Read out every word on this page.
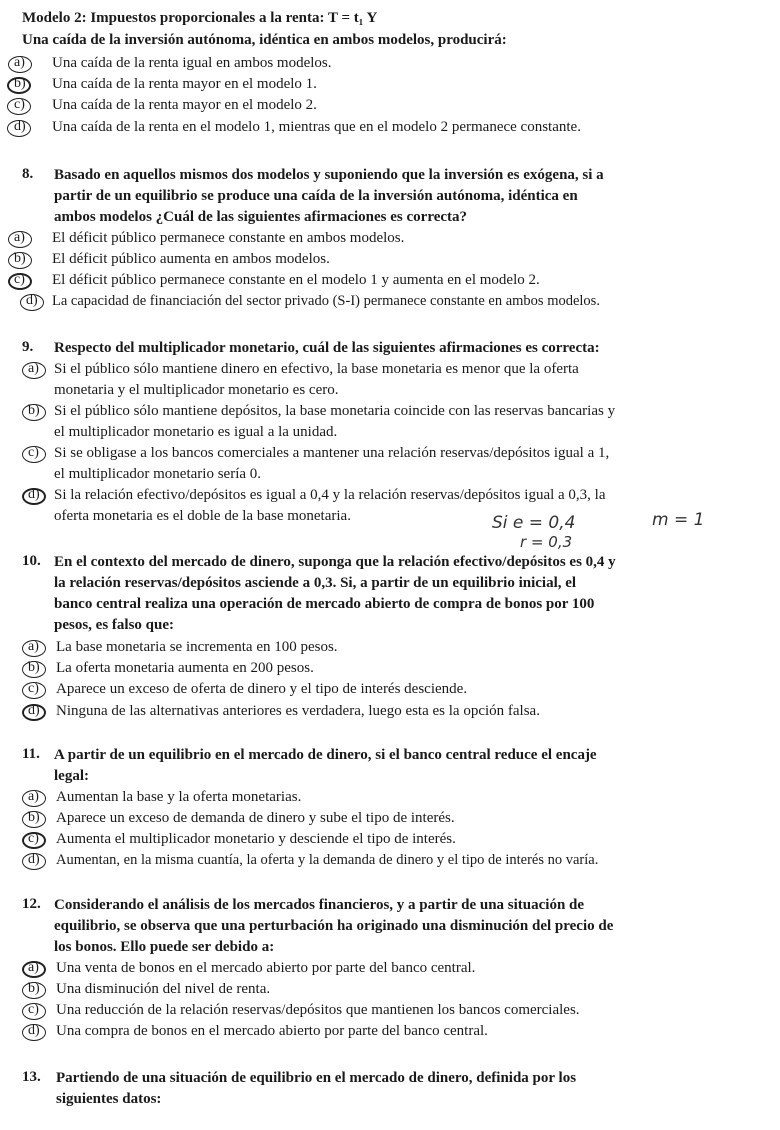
Modelo 2: Impuestos proporcionales a la renta: T = t₁ Y
Una caída de la inversión autónoma, idéntica en ambos modelos, producirá:
a) Una caída de la renta igual en ambos modelos.
b) Una caída de la renta mayor en el modelo 1.
c) Una caída de la renta mayor en el modelo 2.
d) Una caída de la renta en el modelo 1, mientras que en el modelo 2 permanece constante.
8. Basado en aquellos mismos dos modelos y suponiendo que la inversión es exógena, si a
partir de un equilibrio se produce una caída de la inversión autónoma, idéntica en
ambos modelos ¿Cuál de las siguientes afirmaciones es correcta?
a) El déficit público permanece constante en ambos modelos.
b) El déficit público aumenta en ambos modelos.
c) El déficit público permanece constante en el modelo 1 y aumenta en el modelo 2.
d) La capacidad de financiación del sector privado (S-I) permanece constante en ambos modelos.
9. Respecto del multiplicador monetario, cuál de las siguientes afirmaciones es correcta:
a) Si el público sólo mantiene dinero en efectivo, la base monetaria es menor que la oferta
monetaria y el multiplicador monetario es cero.
b) Si el público sólo mantiene depósitos, la base monetaria coincide con las reservas bancarias y
el multiplicador monetario es igual a la unidad.
c) Si se obligase a los bancos comerciales a mantener una relación reservas/depósitos igual a 1,
el multiplicador monetario sería 0.
d) Si la relación efectivo/depósitos es igual a 0,4 y la relación reservas/depósitos igual a 0,3, la
oferta monetaria es el doble de la base monetaria.	Si e = 0,4	m = 1
r = 0,3
10. En el contexto del mercado de dinero, suponga que la relación efectivo/depósitos es 0,4 y
la relación reservas/depósitos asciende a 0,3. Si, a partir de un equilibrio inicial, el
banco central realiza una operación de mercado abierto de compra de bonos por 100
pesos, es falso que:
a) La base monetaria se incrementa en 100 pesos.
b) La oferta monetaria aumenta en 200 pesos.
c) Aparece un exceso de oferta de dinero y el tipo de interés desciende.
d) Ninguna de las alternativas anteriores es verdadera, luego esta es la opción falsa.
11. A partir de un equilibrio en el mercado de dinero, si el banco central reduce el encaje
legal:
a) Aumentan la base y la oferta monetarias.
b) Aparece un exceso de demanda de dinero y sube el tipo de interés.
c) Aumenta el multiplicador monetario y desciende el tipo de interés.
d) Aumentan, en la misma cuantía, la oferta y la demanda de dinero y el tipo de interés no varía.
12. Considerando el análisis de los mercados financieros, y a partir de una situación de
equilibrio, se observa que una perturbación ha originado una disminución del precio de
los bonos. Ello puede ser debido a:
a) Una venta de bonos en el mercado abierto por parte del banco central.
b) Una disminución del nivel de renta.
c) Una reducción de la relación reservas/depósitos que mantienen los bancos comerciales.
d) Una compra de bonos en el mercado abierto por parte del banco central.
13. Partiendo de una situación de equilibrio en el mercado de dinero, definida por los
siguientes datos:
